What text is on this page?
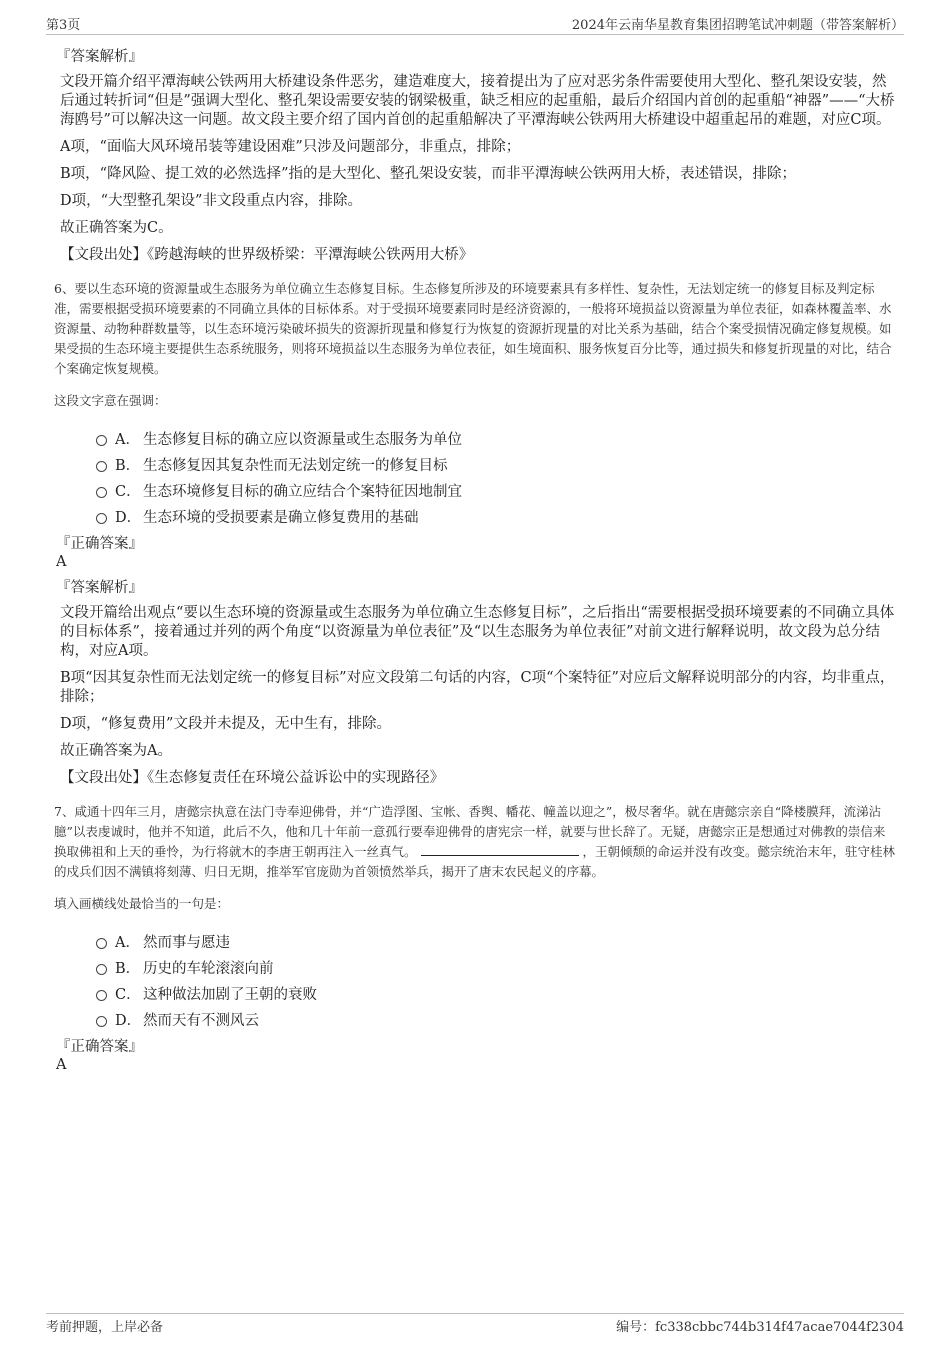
第3页	2024年云南华星教育集团招聘笔试冲刺题（带答案解析）
『答案解析』
文段开篇介绍平潭海峡公铁两用大桥建设条件恶劣，建造难度大，接着提出为了应对恶劣条件需要使用大型化、整孔架设安装，然后通过转折词“但是”强调大型化、整孔架设需要安装的钢梁极重，缺乏相应的起重船，最后介绍国内首创的起重船“神器”——“大桥海鸥号”可以解决这一问题。故文段主要介绍了国内首创的起重船解决了平潭海峡公铁两用大桥建设中超重起吊的难题，对应C项。
A项，“面临大风环境吊装等建设困难”只涉及问题部分，非重点，排除；
B项，“降风险、提工效的必然选择”指的是大型化、整孔架设安装，而非平潭海峡公铁两用大桥，表述错误，排除；
D项，“大型整孔架设”非文段重点内容，排除。
故正确答案为C。
【文段出处】《跨越海峡的世界级桥梁：平潭海峡公铁两用大桥》
6、要以生态环境的资源量或生态服务为单位确立生态修复目标。生态修复所涉及的环境要素具有多样性、复杂性，无法划定统一的修复目标及判定标准，需要根据受损环境要素的不同确立具体的目标体系。对于受损环境要素同时是经济资源的，一般将环境损益以资源量为单位表征，如森林覆盖率、水资源量、动物种群数量等，以生态环境污染破坏损失的资源折现量和修复行为恢复的资源折现量的对比关系为基础，结合个案受损情况确定修复规模。如果受损的生态环境主要提供生态系统服务，则将环境损益以生态服务为单位表征，如生境面积、服务恢复百分比等，通过损失和修复折现量的对比，结合个案确定恢复规模。
这段文字意在强调：
A． 生态修复目标的确立应以资源量或生态服务为单位
B． 生态修复因其复杂性而无法划定统一的修复目标
C． 生态环境修复目标的确立应结合个案特征因地制宜
D． 生态环境的受损要素是确立修复费用的基础
『正确答案』
A
『答案解析』
文段开篇给出观点“要以生态环境的资源量或生态服务为单位确立生态修复目标”，之后指出“需要根据受损环境要素的不同确立具体的目标体系”，接着通过并列的两个角度“以资源量为单位表征”及“以生态服务为单位表征”对前文进行解释说明，故文段为总分结构，对应A项。
B项“因其复杂性而无法划定统一的修复目标”对应文段第二句话的内容，C项“个案特征”对应后文解释说明部分的内容，均非重点，排除；
D项，“修复费用”文段并未提及，无中生有，排除。
故正确答案为A。
【文段出处】《生态修复责任在环境公益诉讼中的实现路径》
7、咸通十四年三月，唐懿宗执意在法门寺奉迎佛骨，并“广造浮图、宝帐、香舆、幡花、幢盖以迎之”，极尽奢华。就在唐懿宗亲自“降楼膜拜，流涕沾臆”以表虔诚时，他并不知道，此后不久，他和几十年前一意孤行要奉迎佛骨的唐宪宗一样，就要与世长辞了。无疑，唐懿宗正是想通过对佛教的崇信来换取佛祖和上天的垂怜，为行将就木的李唐王朝再注入一丝真气。	，王朝倾颓的命运并没有改变。懿宗统治末年，驻守桂林的戍兵们因不满镇将刻薄、归日无期，推举军官庞勋为首领愤然举兵，揭开了唐末农民起义的序幕。
填入画横线处最恰当的一句是：
A． 然而事与愿违
B． 历史的车轮滚滚向前
C． 这种做法加剧了王朝的衰败
D． 然而天有不测风云
『正确答案』
A
考前押题，上岸必备	编号：fc338cbbc744b314f47acae7044f2304
